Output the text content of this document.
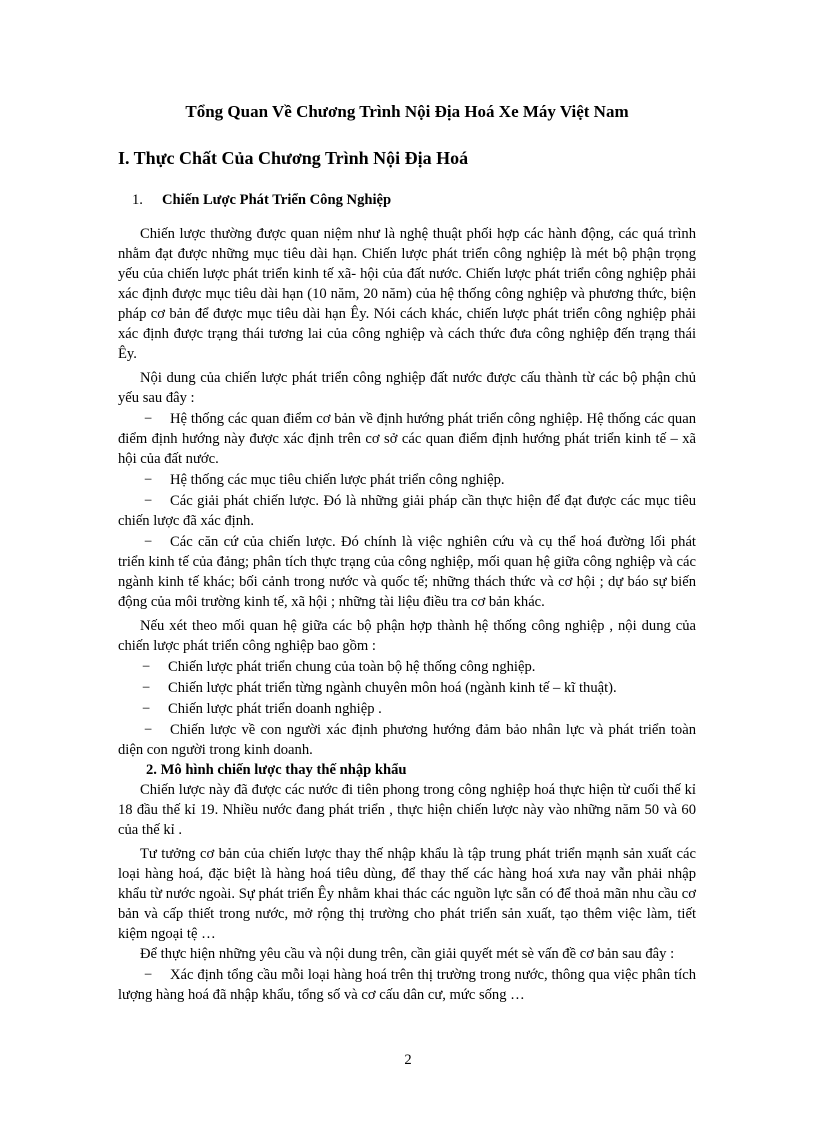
Tổng Quan Về Chương Trình Nội Địa Hoá Xe Máy Việt Nam
I. Thực Chất Của Chương Trình Nội Địa Hoá
1. Chiến Lược Phát Triển Công Nghiệp

Chiến lược thường được quan niệm như là nghệ thuật phối hợp các hành động, các quá trình nhằm đạt được những mục tiêu dài hạn. Chiến lược phát triển công nghiệp là mét bộ phận trọng yếu của chiến lược phát triển kinh tế xã- hội của đất nước. Chiến lược phát triển công nghiệp phải xác định được mục tiêu dài hạn (10 năm, 20 năm) của hệ thống công nghiệp và phương thức, biện pháp cơ bản để được mục tiêu dài hạn Êy. Nói cách khác, chiến lược phát triển công nghiệp phải xác định được trạng thái tương lai của công nghiệp và cách thức đưa công nghiệp đến trạng thái Êy.

Nội dung của chiến lược phát triển công nghiệp đất nước được cấu thành từ các bộ phận chủ yếu sau đây :

− Hệ thống các quan điểm cơ bản về định hướng phát triển công nghiệp. Hệ thống các quan điểm định hướng này được xác định trên cơ sở các quan điểm định hướng phát triển kinh tế – xã hội của đất nước.
− Hệ thống các mục tiêu chiến lược phát triển công nghiệp.
− Các giải phát chiến lược. Đó là những giải pháp cần thực hiện để đạt được các mục tiêu chiến lược đã xác định.
− Các căn cứ của chiến lược. Đó chính là việc nghiên cứu và cụ thể hoá đường lối phát triển kinh tế của đảng; phân tích thực trạng của công nghiệp, mối quan hệ giữa công nghiệp và các ngành kinh tế khác; bối cảnh trong nước và quốc tế; những thách thức và cơ hội ; dự báo sự biến động của môi trường kinh tế, xã hội ; những tài liệu điều tra cơ bản khác.

Nếu xét theo mối quan hệ giữa các bộ phận hợp thành hệ thống công nghiệp , nội dung của chiến lược phát triển công nghiệp bao gồm :

−	Chiến lược phát triển chung của toàn bộ hệ thống công nghiệp.
−	Chiến lược phát triển từng ngành chuyên môn hoá (ngành kinh tế – kĩ thuật).
−	Chiến lược phát triển doanh nghiệp .
− Chiến lược về con người xác định phương hướng đảm bảo nhân lực và phát triển toàn diện con người trong kinh doanh.
2. Mô hình chiến lược thay thế nhập khẩu

Chiến lược này đã được các nước đi tiên phong trong công nghiệp hoá thực hiện từ cuối thế kỉ 18 đầu thế kỉ 19. Nhiều nước đang phát triển , thực hiện chiến lược này vào những năm 50 và 60 của thế kỉ .

Tư tưởng cơ bản của chiến lược thay thế nhập khẩu là tập trung phát triển mạnh sản xuất các loại hàng hoá, đặc biệt là hàng hoá tiêu dùng, để thay thế các hàng hoá xưa nay vẫn phải nhập khẩu từ nước ngoài. Sự phát triển Êy nhằm khai thác các nguồn lực sẵn có để thoả mãn nhu cầu cơ bản và cấp thiết trong nước, mở rộng thị trường cho phát triển sản xuất, tạo thêm việc làm, tiết kiệm ngoại tệ …

Để thực hiện những yêu cầu và nội dung trên, cần giải quyết mét sè vấn đề cơ bản sau đây :

− Xác định tổng cầu mỗi loại hàng hoá trên thị trường trong nước, thông qua việc phân tích lượng hàng hoá đã nhập khẩu, tổng số và cơ cấu dân cư, mức sống …
2
